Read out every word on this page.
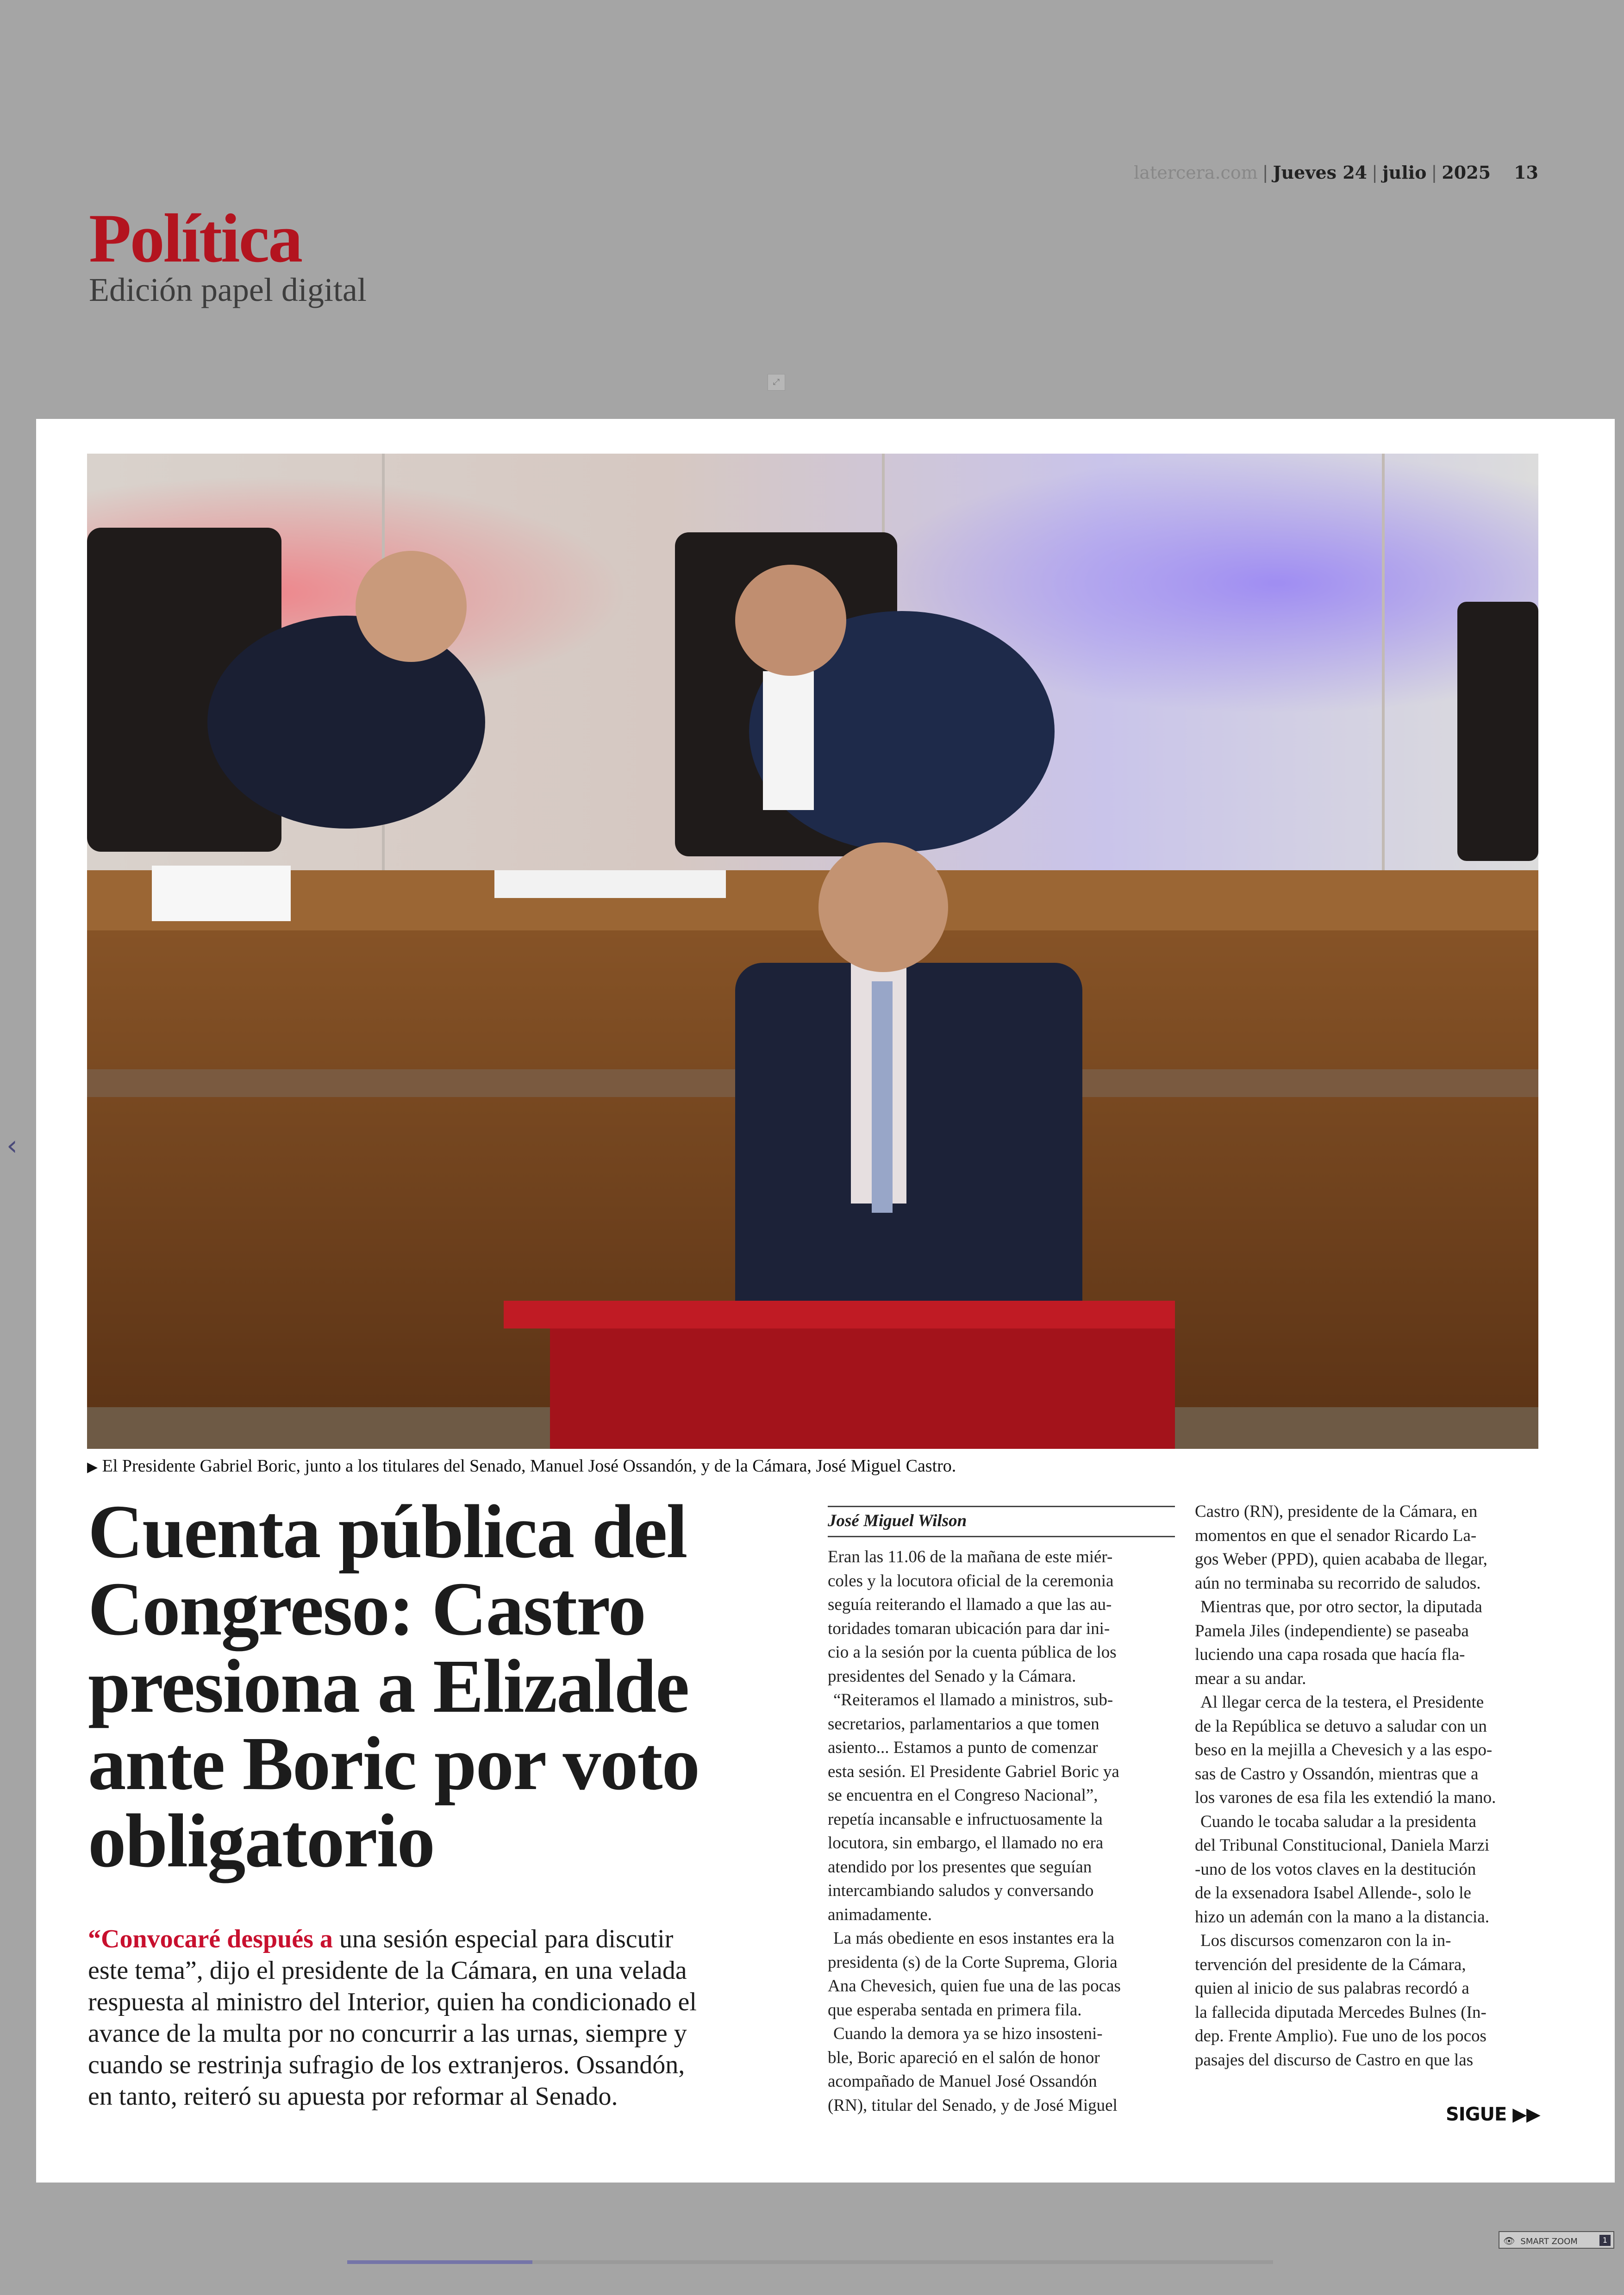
latercera.com | Jueves 24 | julio | 2025 13
Política
Edición papel digital
⤢
‹
▶ El Presidente Gabriel Boric, junto a los titulares del Senado, Manuel José Ossandón, y de la Cámara, José Miguel Castro.
Cuenta pública del
Congreso: Castro
presiona a Elizalde
ante Boric por voto
obligatorio
“Convocaré después a una sesión especial para discutir
este tema”, dijo el presidente de la Cámara, en una velada
respuesta al ministro del Interior, quien ha condicionado el
avance de la multa por no concurrir a las urnas, siempre y
cuando se restrinja sufragio de los extranjeros. Ossandón,
en tanto, reiteró su apuesta por reformar al Senado.
José Miguel Wilson
Eran las 11.06 de la mañana de este miér-
coles y la locutora oficial de la ceremonia
seguía reiterando el llamado a que las au-
toridades tomaran ubicación para dar ini-
cio a la sesión por la cuenta pública de los
presidentes del Senado y la Cámara.
“Reiteramos el llamado a ministros, sub-
secretarios, parlamentarios a que tomen
asiento... Estamos a punto de comenzar
esta sesión. El Presidente Gabriel Boric ya
se encuentra en el Congreso Nacional”,
repetía incansable e infructuosamente la
locutora, sin embargo, el llamado no era
atendido por los presentes que seguían
intercambiando saludos y conversando
animadamente.
La más obediente en esos instantes era la
presidenta (s) de la Corte Suprema, Gloria
Ana Chevesich, quien fue una de las pocas
que esperaba sentada en primera fila.
Cuando la demora ya se hizo insosteni-
ble, Boric apareció en el salón de honor
acompañado de Manuel José Ossandón
(RN), titular del Senado, y de José Miguel
Castro (RN), presidente de la Cámara, en
momentos en que el senador Ricardo La-
gos Weber (PPD), quien acababa de llegar,
aún no terminaba su recorrido de saludos.
Mientras que, por otro sector, la diputada
Pamela Jiles (independiente) se paseaba
luciendo una capa rosada que hacía fla-
mear a su andar.
Al llegar cerca de la testera, el Presidente
de la República se detuvo a saludar con un
beso en la mejilla a Chevesich y a las espo-
sas de Castro y Ossandón, mientras que a
los varones de esa fila les extendió la mano.
Cuando le tocaba saludar a la presidenta
del Tribunal Constitucional, Daniela Marzi
-uno de los votos claves en la destitución
de la exsenadora Isabel Allende-, solo le
hizo un ademán con la mano a la distancia.
Los discursos comenzaron con la in-
tervención del presidente de la Cámara,
quien al inicio de sus palabras recordó a
la fallecida diputada Mercedes Bulnes (In-
dep. Frente Amplio). Fue uno de los pocos
pasajes del discurso de Castro en que las
SIGUE ▶▶
👁 SMART ZOOM	1
